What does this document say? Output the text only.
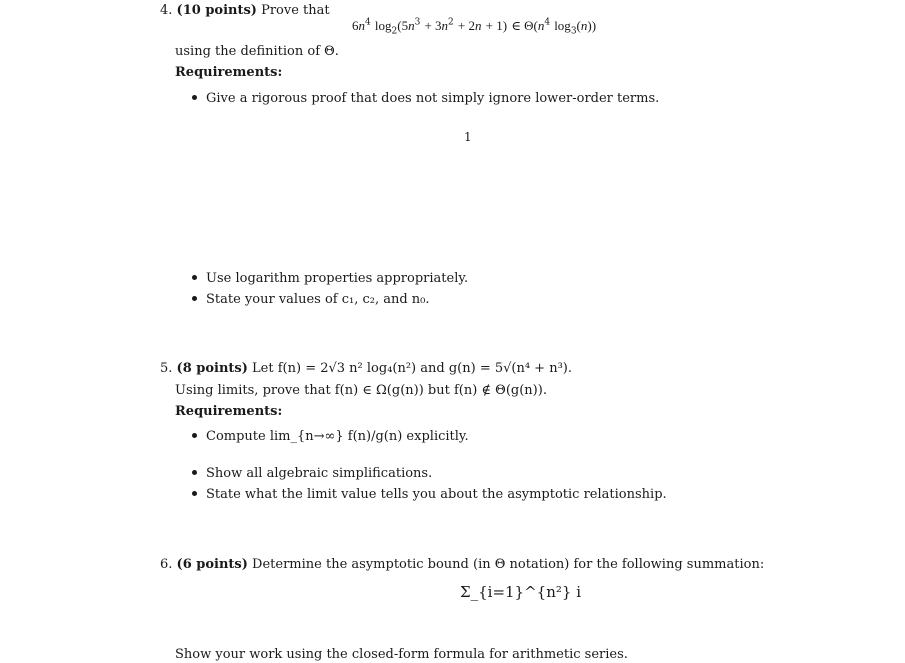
4. (10 points) Prove that
$6n^4$ $\log_2(5n^3 + 3n^2 + 2n + 1)$ ∈ $\Theta(n^4$ $\log_3(n)$)
using the definition of Θ.
Requirements:
Give a rigorous proof that does not simply ignore lower-order terms.
1
Use logarithm properties appropriately.
State your values of c₁, c₂, and n₀.
5. (8 points) Let f(n) = 2√3 n² log₄(n²) and g(n) = 5√(n⁴ + n³).
Using limits, prove that f(n) ∈ Ω(g(n)) but f(n) ∉ Θ(g(n)).
Requirements:
Compute lim_{n→∞} f(n)/g(n) explicitly.
Show all algebraic simplifications.
State what the limit value tells you about the asymptotic relationship.
6. (6 points) Determine the asymptotic bound (in Θ notation) for the following summation:
Σ_{i=1}^{n²} i
Show your work using the closed-form formula for arithmetic series.
